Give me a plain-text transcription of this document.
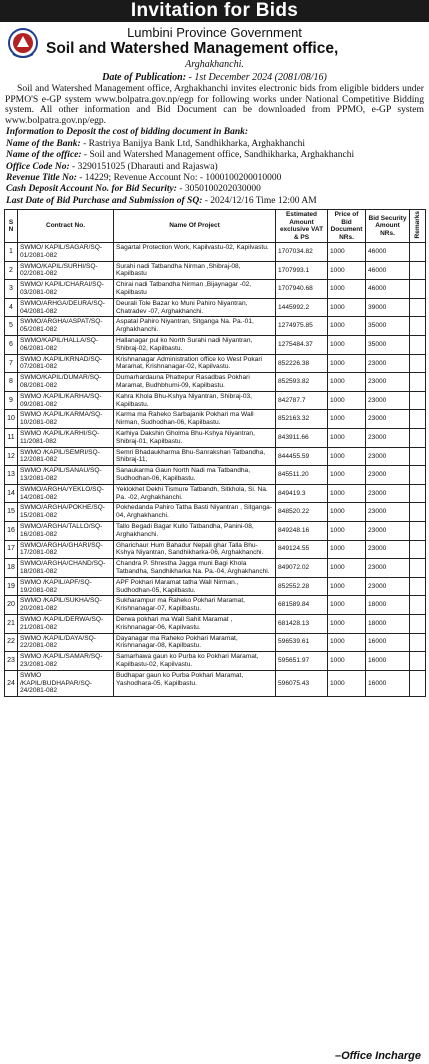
Invitation for Bids
Lumbini Province Government
Soil and Watershed Management office,
Arghakhanchi.
Date of Publication: - 1st December 2024 (2081/08/16)
Soil and Watershed Management office, Arghakhanchi invites electronic bids from eligible bidders under PPMO'S e-GP system www.bolpatra.gov.np/egp for following works under National Competitive Bidding system. All other information and Bid Document can be downloaded from PPMO, e-GP system www.bolpatra.gov.np/egp.
Information to Deposit the cost of bidding document in Bank:
Name of the Bank: - Rastriya Banijya Bank Ltd, Sandhikharka, Arghakhanchi
Name of the office: - Soil and Watershed Management office, Sandhikharka, Arghakhanchi
Office Code No: - 3290151025 (Dharauti and Rajaswa)
Revenue Title No: - 14229; Revenue Account No: - 1000100200010000
Cash Deposit Account No. for Bid Security: - 3050100202030000
Last Date of Bid Purchase and Submission of SQ: - 2024/12/16 Time 12:00 AM
S N	Contract No.	Name Of Project	Estimated Amount exclusive VAT & PS	Price of Bid Document NRs.	Bid Security Amount NRs.	Remarks
1	SWMO/ KAPIL/SAGAR/SQ-01/2081-082	Sagartal Protection Work, Kapilvastu-02, Kapilvastu.	1707034.82	1000	46000	
2	SWMO/KAPIL/SURHI/SQ-02/2081-082	Surahi nadi Tatbandha Nirman ,Shibraj-08, Kapilbastu	1707993.1	1000	46000	
3	SWMO/ KAPIL/CHARAI/SQ-03/2081-082	Chirai nadi Tatbandha Nirman ,Bijaynagar -02, Kapilbastu	1707940.68	1000	46000	
4	SWMO/ARHGA/DEURA/SQ-04/2081-082	Deurali Tole Bazar ko Muni Pahiro Niyantran, Chatradev -07, Arghakhanchi.	1445992.2	1000	39000	
5	SWMO/ARGHA/ASPAT/SQ-05/2081-082	Aspatal Pahiro Niyantran, Sitganga Na. Pa.-01, Arghakhanchi.	1274975.85	1000	35000	
6	SWMO/KAPIL/HALLA/SQ-06/2081-082	Hallanagar pul ko North Surahi nadi Niyantran, Shibraj-02, Kapilbastu.	1275484.37	1000	35000	
7	SWMO /KAPIL/KRNAD/SQ-07/2081-082	Krishnanagar Administration office ko West Pokari Maramat, Krishnanagar-02, Kapilvastu.	852226.38	1000	23000	
8	SWMO/KAPIL/DUMAR/SQ-08/2081-082	Dumarhardauna Phattepur Rasadbas Pokhari Maramat, Budhbhumi-09, Kapilbastu.	852593.82	1000	23000	
9	SWMO /KAPIL/KARHA/SQ-09/2081-082	Kahra Khola Bhu-Kshya Niyantran, Shibraj-03, Kapilbastu.	842787.7	1000	23000	
10	SWMO /KAPIL/KARMA/SQ-10/2081-082	Karma ma Raheko Sarbajanik Pokhari ma Wall Nirman, Sudhodhan-06, Kapilbastu.	852163.32	1000	23000	
11	SWMO /KAPIL/KARHI/SQ-11/2081-082	Karhiya Dakshin Gholma Bhu-Kshya Niyantran, Shibraj-01, Kapilbastu.	843911.66	1000	23000	
12	SWMO /KAPIL/SEMRI/SQ-12/2081-082	Semri Bhadaukharma Bhu-Sanrakshan Tatbandha, Shibraj-11,	844455.59	1000	23000	
13	SWMO /KAPIL/SANAU/SQ-13/2081-082	Sanaukarma Gaun North Nadi ma Tatbandha, Sudhodhan-06, Kapilbastu.	845511.20	1000	23000	
14	SWMO/ARGHA/YEKLO/SQ-14/2081-082	Yeklokhet Dekhi Tismure Tatbandh, Sitkhola, Si. Na. Pa. -02, Arghakhanchi.	849419.3	1000	23000	
15	SWMO/ARGHA/POKHE/SQ-15/2081-082	Pokhedanda Pahiro Tatha Basti Niyantran , Sitganga-04, Arghakhanchi.	848520.22	1000	23000	
16	SWMO/ARGHA/TALLO/SQ-16/2081-082	Tallo Begadi Bagar Kullo Tatbandha, Panini-08, Arghakhanchi.	849248.16	1000	23000	
17	SWMO/ARGHA/GHARI/SQ-17/2081-082	Gharichaur Hum Bahadur Nepali ghar Talla Bhu-Kshya Niyantran, Sandhikharka-06, Arghakhanchi.	849124.55	1000	23000	
18	SWMO/ARGHA/CHAND/SQ-18/2081-082	Chandra P. Shrestha Jagga muni Bagi Khola Tatbandha, Sandhikharka Na. Pa.-04, Arghakhanchi.	849072.02	1000	23000	
19	SWMO /KAPIL/APF/SQ-19/2081-082	APF Pokhari Maramat tatha Wall Nirman., Sudhodhan-05, Kapilbastu.	852552.28	1000	23000	
20	SWMO /KAPIL/SUKHA/SQ-20/2081-082	Sukharampur ma Raheko Pokhari Maramat, Krishnanagar-07, Kapilbastu.	681589.84	1000	18000	
21	SWMO /KAPIL/DERWA/SQ-21/2081-082	Derwa pokhari ma Wall Sahit Maramat , Krishnanagar-06, Kapilvastu.	681428.13	1000	18000	
22	SWMO /KAPIL/DAYA/SQ-22/2081-082	Dayanagar ma Raheko Pokhari Maramat, Krishnanagar-08, Kapilbastu.	596539.61	1000	16000	
23	SWMO /KAPIL/SAMAR/SQ-23/2081-082	Samarhawa gaun ko Purba ko Pokhari Maramat, Kapilbastu-02, Kapilvastu.	595651.97	1000	16000	
24	SWMO /KAPIL/BUDHAPAR/SQ-24/2081-082	Budhapar gaun ko Purba Pokhari Maramat, Yashodhara-05, Kapilbastu.	596075.43	1000	16000	
–Office Incharge
